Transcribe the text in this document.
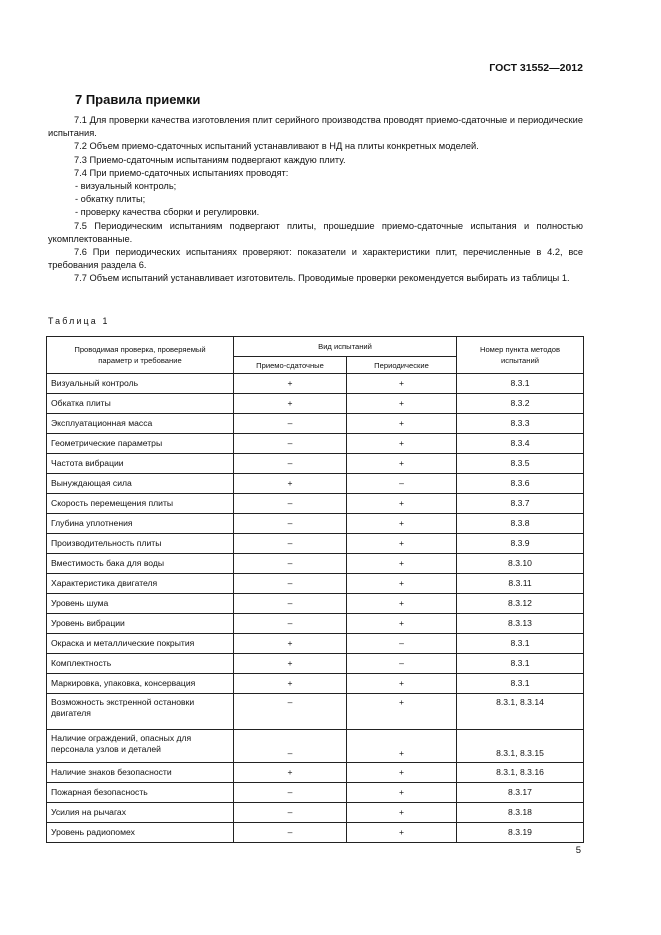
ГОСТ 31552—2012
7 Правила приемки

7.1 Для проверки качества изготовления плит серийного производства проводят приемо-сдаточные и периодические испытания.

7.2 Объем приемо-сдаточных испытаний устанавливают в НД на плиты конкретных моделей.

7.3 Приемо-сдаточным испытаниям подвергают каждую плиту.

7.4 При приемо-сдаточных испытаниях проводят:

- визуальный контроль;

- обкатку плиты;

- проверку качества сборки и регулировки.

7.5 Периодическим испытаниям подвергают плиты, прошедшие приемо-сдаточные испытания и полностью укомплектованные.

7.6 При периодических испытаниях проверяют: показатели и характеристики плит, перечисленные в 4.2, все требования раздела 6.

7.7 Объем испытаний устанавливает изготовитель. Проводимые проверки рекомендуется выбирать из таблицы 1.

Таблица 1
Проводимая проверка, проверяемый параметр и требование	Вид испытаний		Номер пункта методов испытаний
	Приемо-сдаточные	Периодические	
Визуальный контроль	+	+	8.3.1
Обкатка плиты	+	+	8.3.2
Эксплуатационная масса	–	+	8.3.3
Геометрические параметры	–	+	8.3.4
Частота вибрации	–	+	8.3.5
Вынуждающая сила	+	–	8.3.6
Скорость перемещения плиты	–	+	8.3.7
Глубина уплотнения	–	+	8.3.8
Производительность плиты	–	+	8.3.9
Вместимость бака для воды	–	+	8.3.10
Характеристика двигателя	–	+	8.3.11
Уровень шума	–	+	8.3.12
Уровень вибрации	–	+	8.3.13
Окраска и металлические покрытия	+	–	8.3.1
Комплектность	+	–	8.3.1
Маркировка, упаковка, консервация	+	+	8.3.1
Возможность экстренной остановки двигателя	–	+	8.3.1, 8.3.14
Наличие ограждений, опасных для персонала узлов и деталей	–	+	8.3.1, 8.3.15
Наличие знаков безопасности	+	+	8.3.1, 8.3.16
Пожарная безопасность	–	+	8.3.17
Усилия на рычагах	–	+	8.3.18
Уровень радиопомех	–	+	8.3.19
5
